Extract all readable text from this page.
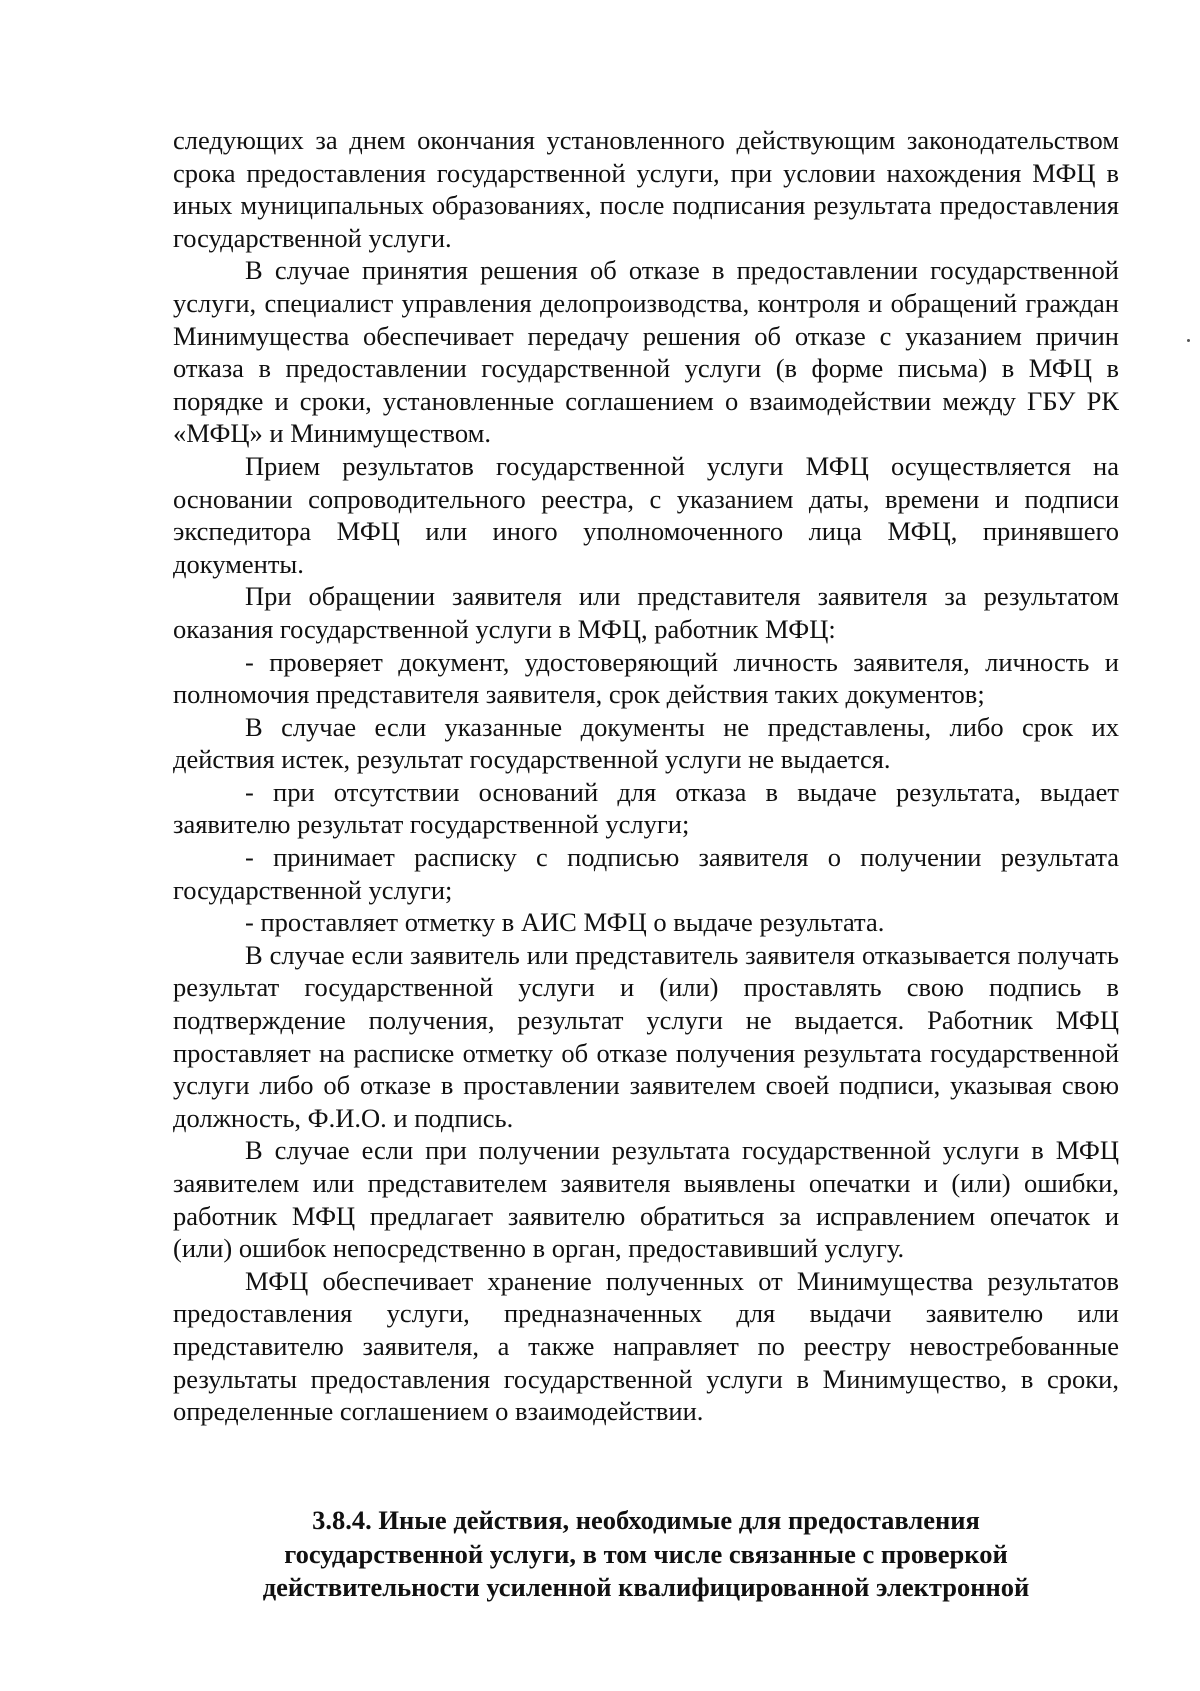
следующих за днем окончания установленного действующим законодательством срока предоставления государственной услуги, при условии нахождения МФЦ в иных муниципальных образованиях, после подписания результата предоставления государственной услуги.

В случае принятия решения об отказе в предоставлении государственной услуги, специалист управления делопроизводства, контроля и обращений граждан Минимущества обеспечивает передачу решения об отказе с указанием причин отказа в предоставлении государственной услуги (в форме письма) в МФЦ в порядке и сроки, установленные соглашением о взаимодействии между ГБУ РК «МФЦ» и Минимуществом.

Прием результатов государственной услуги МФЦ осуществляется на основании сопроводительного реестра, с указанием даты, времени и подписи экспедитора МФЦ или иного уполномоченного лица МФЦ, принявшего документы.

При обращении заявителя или представителя заявителя за результатом оказания государственной услуги в МФЦ, работник МФЦ:

- проверяет документ, удостоверяющий личность заявителя, личность и полномочия представителя заявителя, срок действия таких документов;

В случае если указанные документы не представлены, либо срок их действия истек, результат государственной услуги не выдается.

- при отсутствии оснований для отказа в выдаче результата, выдает заявителю результат государственной услуги;

- принимает расписку с подписью заявителя о получении результата государственной услуги;

- проставляет отметку в АИС МФЦ о выдаче результата.

В случае если заявитель или представитель заявителя отказывается получать результат государственной услуги и (или) проставлять свою подпись в подтверждение получения, результат услуги не выдается. Работник МФЦ проставляет на расписке отметку об отказе получения результата государственной услуги либо об отказе в проставлении заявителем своей подписи, указывая свою должность, Ф.И.О. и подпись.

В случае если при получении результата государственной услуги в МФЦ заявителем или представителем заявителя выявлены опечатки и (или) ошибки, работник МФЦ предлагает заявителю обратиться за исправлением опечаток и (или) ошибок непосредственно в орган, предоставивший услугу.

МФЦ обеспечивает хранение полученных от Минимущества результатов предоставления услуги, предназначенных для выдачи заявителю или представителю заявителя, а также направляет по реестру невостребованные результаты предоставления государственной услуги в Минимущество, в сроки, определенные соглашением о взаимодействии.

3.8.4. Иные действия, необходимые для предоставления
государственной услуги, в том числе связанные с проверкой
действительности усиленной квалифицированной электронной
